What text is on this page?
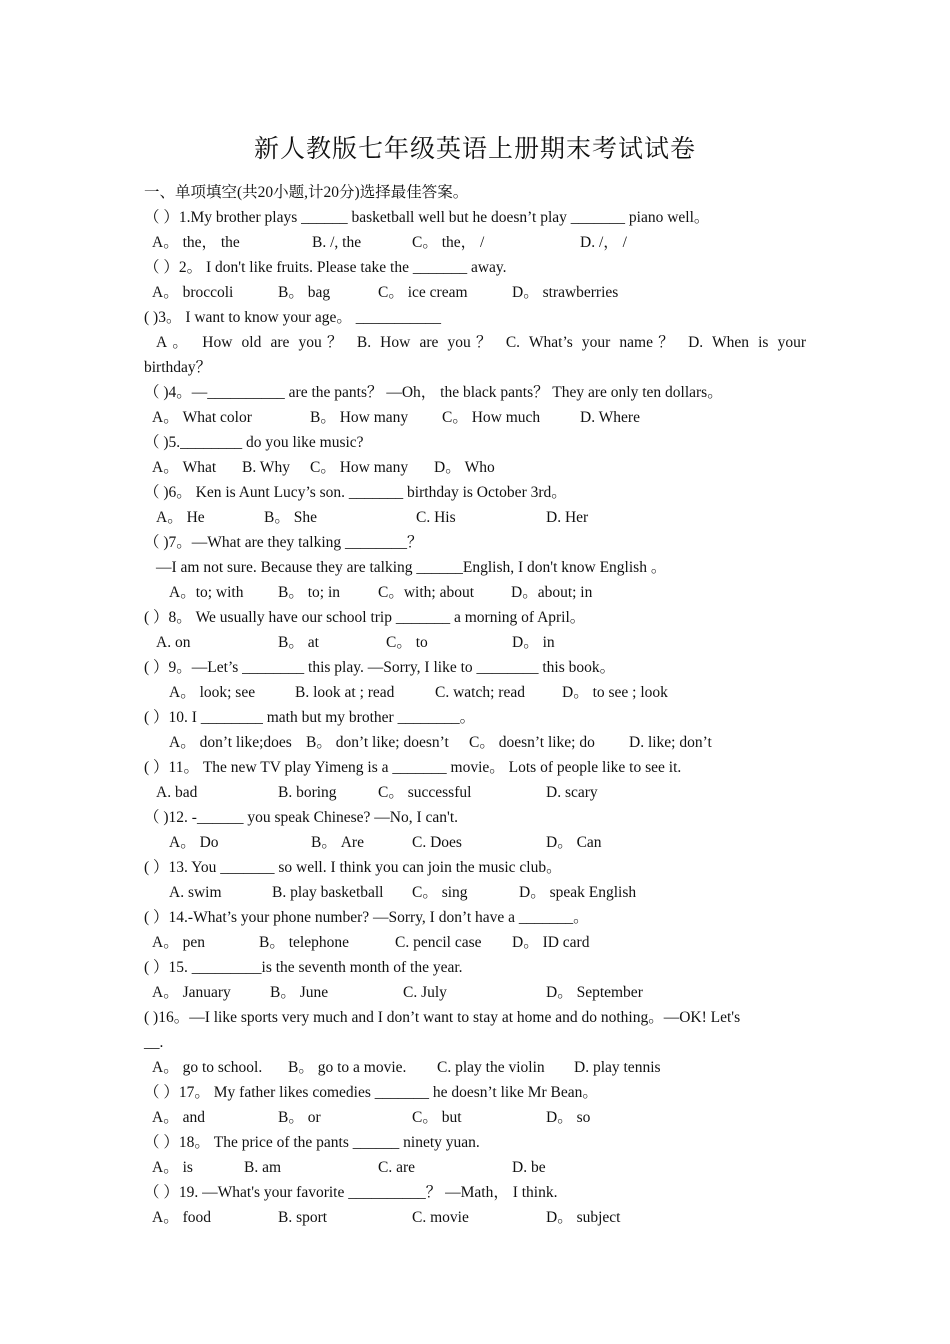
新人教版七年级英语上册期末考试试卷
一、单项填空(共20小题,计20分)选择最佳答案。
（ ）1.My brother plays ______ basketball well but he doesn’t play _______ piano well。
A。 the， the	B. /, the	C。 the， /	D. /， /
（ ）2。 I don't like fruits. Please take the _______ away.
A。 broccoli	B。 bag	C。 ice cream	D。 strawberries
( )3。 I want to know your age。 ___________
A。 How old are you？ B. How are you？ C. What’s your name？ D. When is your
birthday？
（ )4。—__________ are the pants？ —Oh， the black pants？ They are only ten dollars。
A。 What color	B。 How many C。 How much	D. Where
（ )5.________ do you like music?
A。 What B. Why C。 How many D。 Who
（ )6。 Ken is Aunt Lucy’s son. _______ birthday is October 3rd。
A。 He	B。 She	C. His	D. Her
（ )7。—What are they talking ________？
—I am not sure. Because they are talking ______English, I don't know English 。
A。to; with B。 to; in C。with; about D。about; in
( ）8。 We usually have our school trip _______ a morning of April。
A. on	B。 at	C。 to	D。 in
( ）9。—Let’s ________ this play. —Sorry, I like to ________ this book。
A。 look; see	B. look at ; read	C. watch; read D。 to see ; look
( ）10. I ________ math but my brother ________。
A。 don’t like;does B。 don’t like; doesn’t C。 doesn’t like; do D. like; don’t
( ）11。 The new TV play Yimeng is a _______ movie。 Lots of people like to see it.
A. bad	B. boring	C。 successful	D. scary
（ )12. -______ you speak Chinese? —No, I can't.
A。 Do	B。 Are	C. Does	D。 Can
( ）13. You _______ so well. I think you can join the music club。
A. swim	B. play basketball C。 sing	D。 speak English
( ）14.-What’s your phone number? —Sorry, I don’t have a _______。
A。 pen	B。 telephone	C. pencil case D。 ID card
( ）15. _________is the seventh month of the year.
A。 January	B。 June	C. July	D。 September
( )16。—I like sports very much and I don’t want to stay at home and do nothing。—OK! Let's
__.
A。 go to school. B。 go to a movie. C. play the violin D. play tennis
（ ）17。 My father likes comedies _______ he doesn’t like Mr Bean。
A。 and	B。 or	C。 but	D。 so
（ ）18。 The price of the pants ______ ninety yuan.
A。 is	B. am	C. are	D. be
（ ）19. —What's your favorite __________？ —Math， I think.
A。 food	B. sport	C. movie	D。 subject
